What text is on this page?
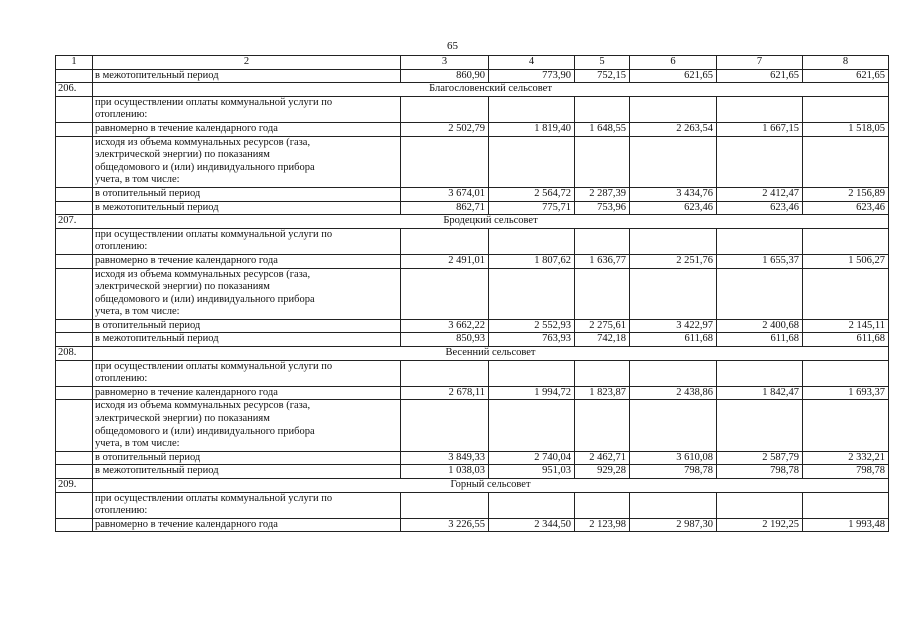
65
1	2	3	4	5	6	7	8
	в межотопительный период	860,90	773,90	752,15	621,65	621,65	621,65
206.	Благословенский сельсовет						

	при осуществлении оплаты коммунальной услуги по
отоплению:						

	равномерно в течение календарного года	2 502,79	1 819,40	1 648,55	2 263,54	1 667,15	1 518,05

	исходя из объема коммунальных ресурсов (газа,
электрической энергии) по показаниям
общедомового и (или) индивидуального прибора
учета, в том числе:						

	в отопительный период	3 674,01	2 564,72	2 287,39	3 434,76	2 412,47	2 156,89
	в межотопительный период	862,71	775,71	753,96	623,46	623,46	623,46
207.	Бродецкий сельсовет						

	при осуществлении оплаты коммунальной услуги по
отоплению:						

	равномерно в течение календарного года	2 491,01	1 807,62	1 636,77	2 251,76	1 655,37	1 506,27

	исходя из объема коммунальных ресурсов (газа,
электрической энергии) по показаниям
общедомового и (или) индивидуального прибора
учета, в том числе:						

	в отопительный период	3 662,22	2 552,93	2 275,61	3 422,97	2 400,68	2 145,11
	в межотопительный период	850,93	763,93	742,18	611,68	611,68	611,68
208.	Весенний сельсовет						

	при осуществлении оплаты коммунальной услуги по
отоплению:						

	равномерно в течение календарного года	2 678,11	1 994,72	1 823,87	2 438,86	1 842,47	1 693,37

	исходя из объема коммунальных ресурсов (газа,
электрической энергии) по показаниям
общедомового и (или) индивидуального прибора
учета, в том числе:						

	в отопительный период	3 849,33	2 740,04	2 462,71	3 610,08	2 587,79	2 332,21
	в межотопительный период	1 038,03	951,03	929,28	798,78	798,78	798,78
209.	Горный сельсовет						

	при осуществлении оплаты коммунальной услуги по
отоплению:						

	равномерно в течение календарного года	3 226,55	2 344,50	2 123,98	2 987,30	2 192,25	1 993,48
